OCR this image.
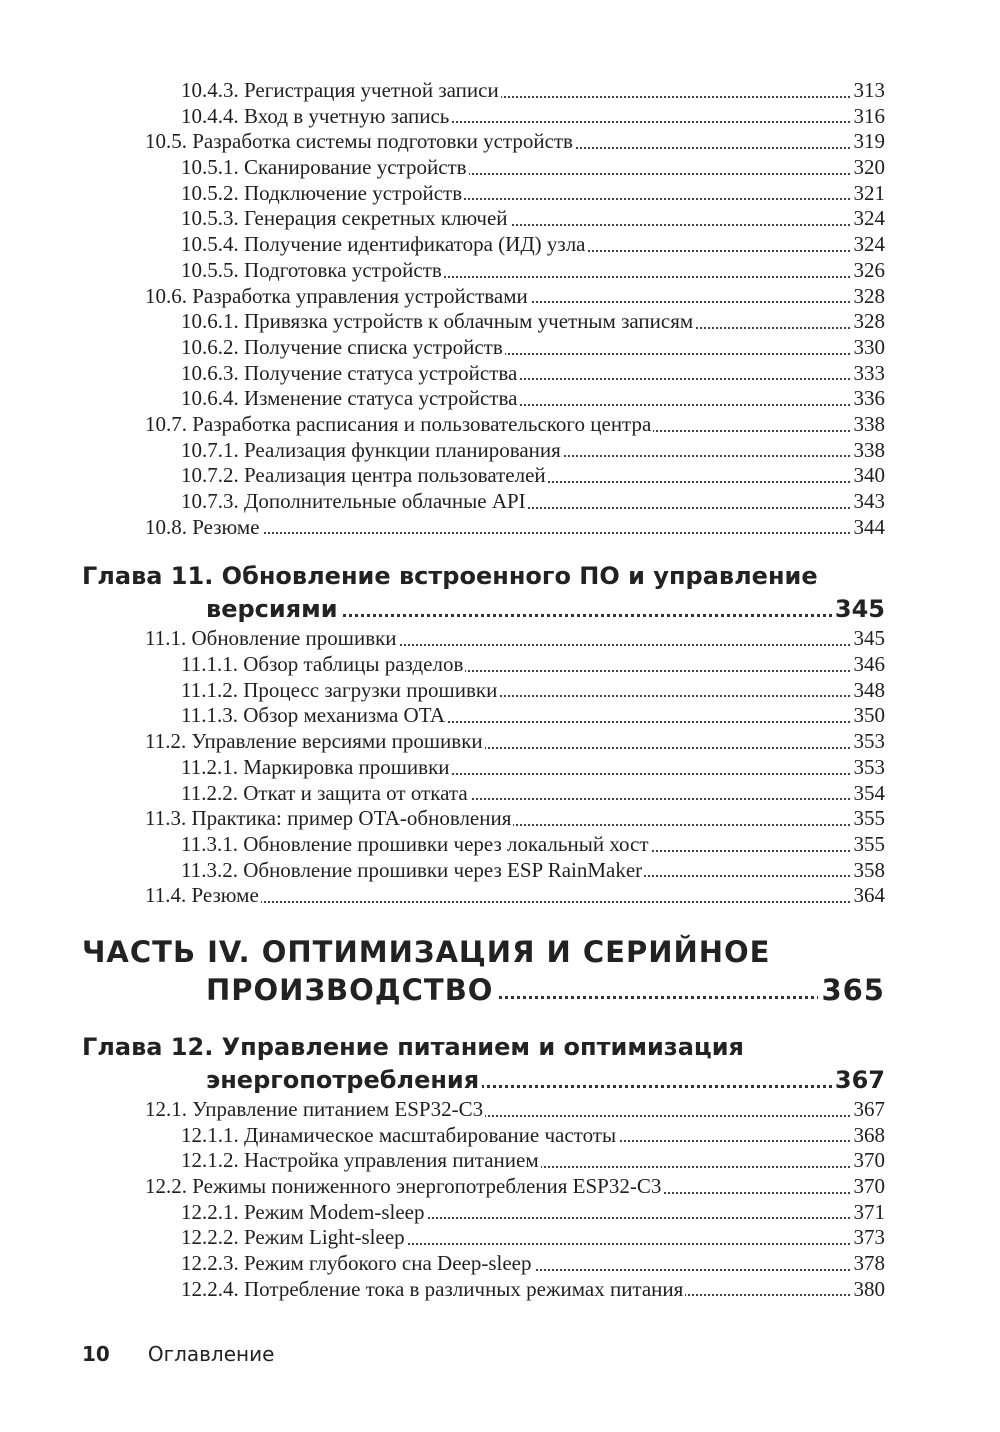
10.4.3. Регистрация учетной записи	313
10.4.4. Вход в учетную запись	316
10.5. Разработка системы подготовки устройств	319
10.5.1. Сканирование устройств	320
10.5.2. Подключение устройств	321
10.5.3. Генерация секретных ключей	324
10.5.4. Получение идентификатора (ИД) узла	324
10.5.5. Подготовка устройств	326
10.6. Разработка управления устройствами	328
10.6.1. Привязка устройств к облачным учетным записям	328
10.6.2. Получение списка устройств	330
10.6.3. Получение статуса устройства	333
10.6.4. Изменение статуса устройства	336
10.7. Разработка расписания и пользовательского центра	338
10.7.1. Реализация функции планирования	338
10.7.2. Реализация центра пользователей	340
10.7.3. Дополнительные облачные API	343
10.8. Резюме	344
Глава 11. Обновление встроенного ПО и управление
версиями	345
11.1. Обновление прошивки	345
11.1.1. Обзор таблицы разделов	346
11.1.2. Процесс загрузки прошивки	348
11.1.3. Обзор механизма OTA	350
11.2. Управление версиями прошивки	353
11.2.1. Маркировка прошивки	353
11.2.2. Откат и защита от отката	354
11.3. Практика: пример OTA-обновления	355
11.3.1. Обновление прошивки через локальный хост	355
11.3.2. Обновление прошивки через ESP RainMaker	358
11.4. Резюме	364
ЧАСТЬ IV. ОПТИМИЗАЦИЯ И СЕРИЙНОЕ
ПРОИЗВОДСТВО	365
Глава 12. Управление питанием и оптимизация
энергопотребления	367
12.1. Управление питанием ESP32-C3	367
12.1.1. Динамическое масштабирование частоты	368
12.1.2. Настройка управления питанием	370
12.2. Режимы пониженного энергопотребления ESP32-C3	370
12.2.1. Режим Modem-sleep	371
12.2.2. Режим Light-sleep	373
12.2.3. Режим глубокого сна Deep-sleep	378
12.2.4. Потребление тока в различных режимах питания	380
10 Оглавление
